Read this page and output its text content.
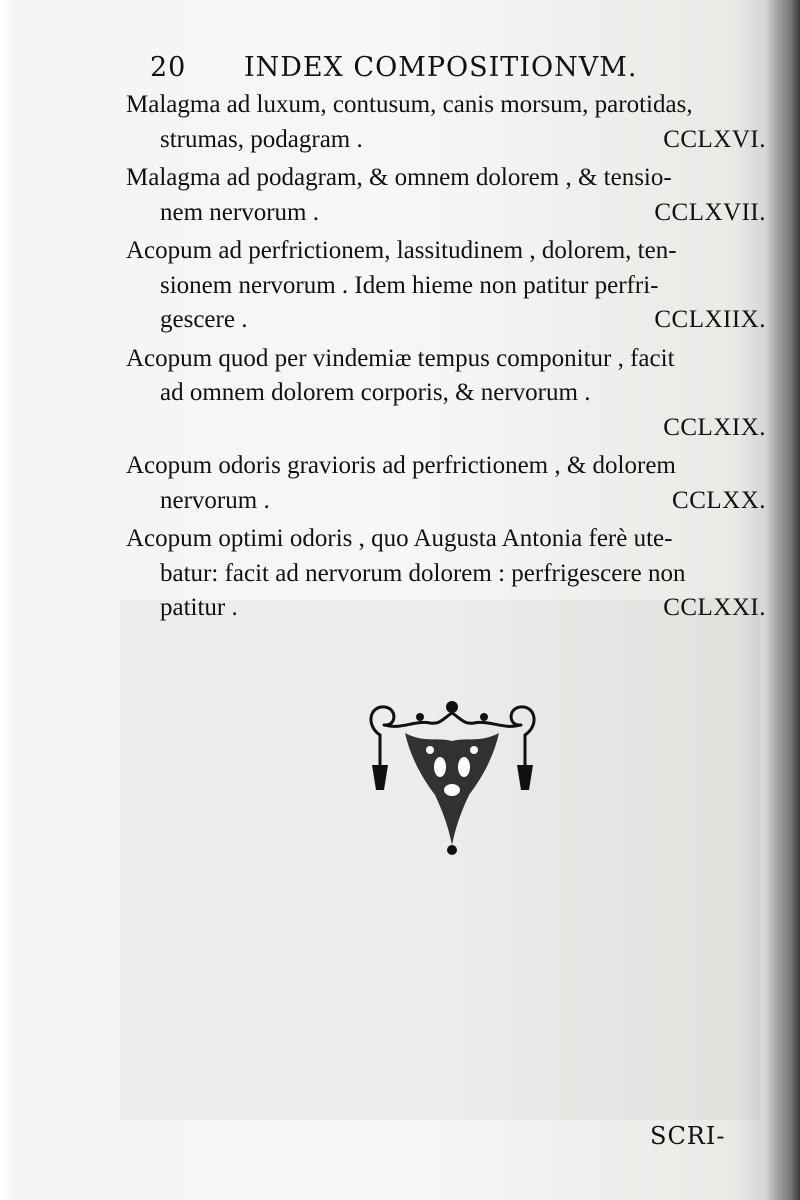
20 INDEX COMPOSITIONVM.
Malagma ad luxum, contusum, canis morsum, parotidas,
strumas, podagram .	CCLXVI.
Malagma ad podagram, & omnem dolorem , & tensio-
nem nervorum .	CCLXVII.
Acopum ad perfrictionem, lassitudinem , dolorem, ten-
sionem nervorum . Idem hieme non patitur perfri-
gescere .	CCLXIIX.
Acopum quod per vindemiæ tempus componitur , facit
ad omnem dolorem corporis, & nervorum .
CCLXIX.
Acopum odoris gravioris ad perfrictionem , & dolorem
nervorum .	CCLXX.
Acopum optimi odoris , quo Augusta Antonia ferè ute-
batur: facit ad nervorum dolorem : perfrigescere non
patitur .	CCLXXI.
SCRI-
